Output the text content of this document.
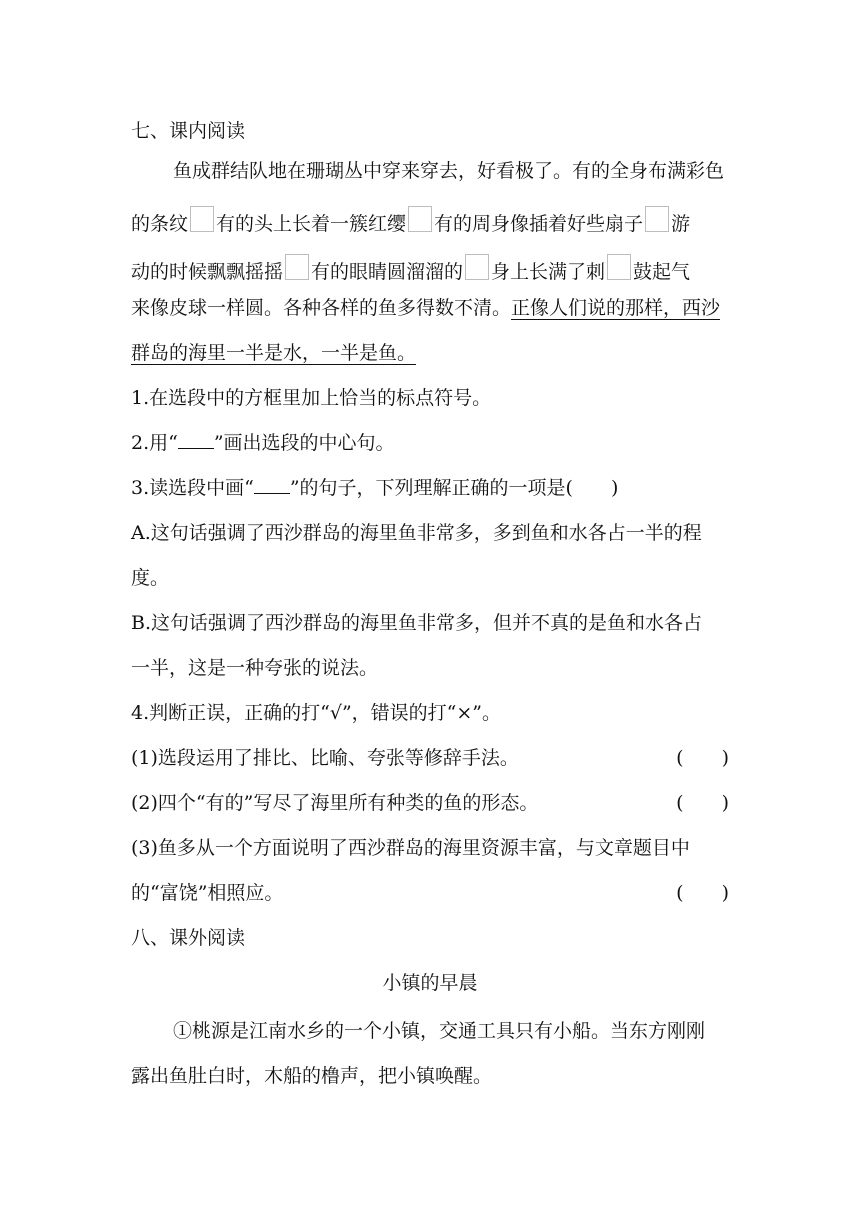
七、课内阅读
鱼成群结队地在珊瑚丛中穿来穿去，好看极了。有的全身布满彩色
的条纹 有的头上长着一簇红缨 有的周身像插着好些扇子 游
动的时候飘飘摇摇 有的眼睛圆溜溜的 身上长满了刺 鼓起气
来像皮球一样圆。各种各样的鱼多得数不清。正像人们说的那样，西沙
群岛的海里一半是水，一半是鱼。
1.在选段中的方框里加上恰当的标点符号。
2.用“ ”画出选段的中心句。
3.读选段中画“ ”的句子，下列理解正确的一项是(　　)
A.这句话强调了西沙群岛的海里鱼非常多，多到鱼和水各占一半的程
度。
B.这句话强调了西沙群岛的海里鱼非常多，但并不真的是鱼和水各占
一半，这是一种夸张的说法。
4.判断正误，正确的打“√”，错误的打“×”。
(1)选段运用了排比、比喻、夸张等修辞手法。	(　　)
(2)四个“有的”写尽了海里所有种类的鱼的形态。	(　　)
(3)鱼多从一个方面说明了西沙群岛的海里资源丰富，与文章题目中
的“富饶”相照应。	(　　)
八、课外阅读
小镇的早晨
①桃源是江南水乡的一个小镇，交通工具只有小船。当东方刚刚
露出鱼肚白时，木船的橹声，把小镇唤醒。
